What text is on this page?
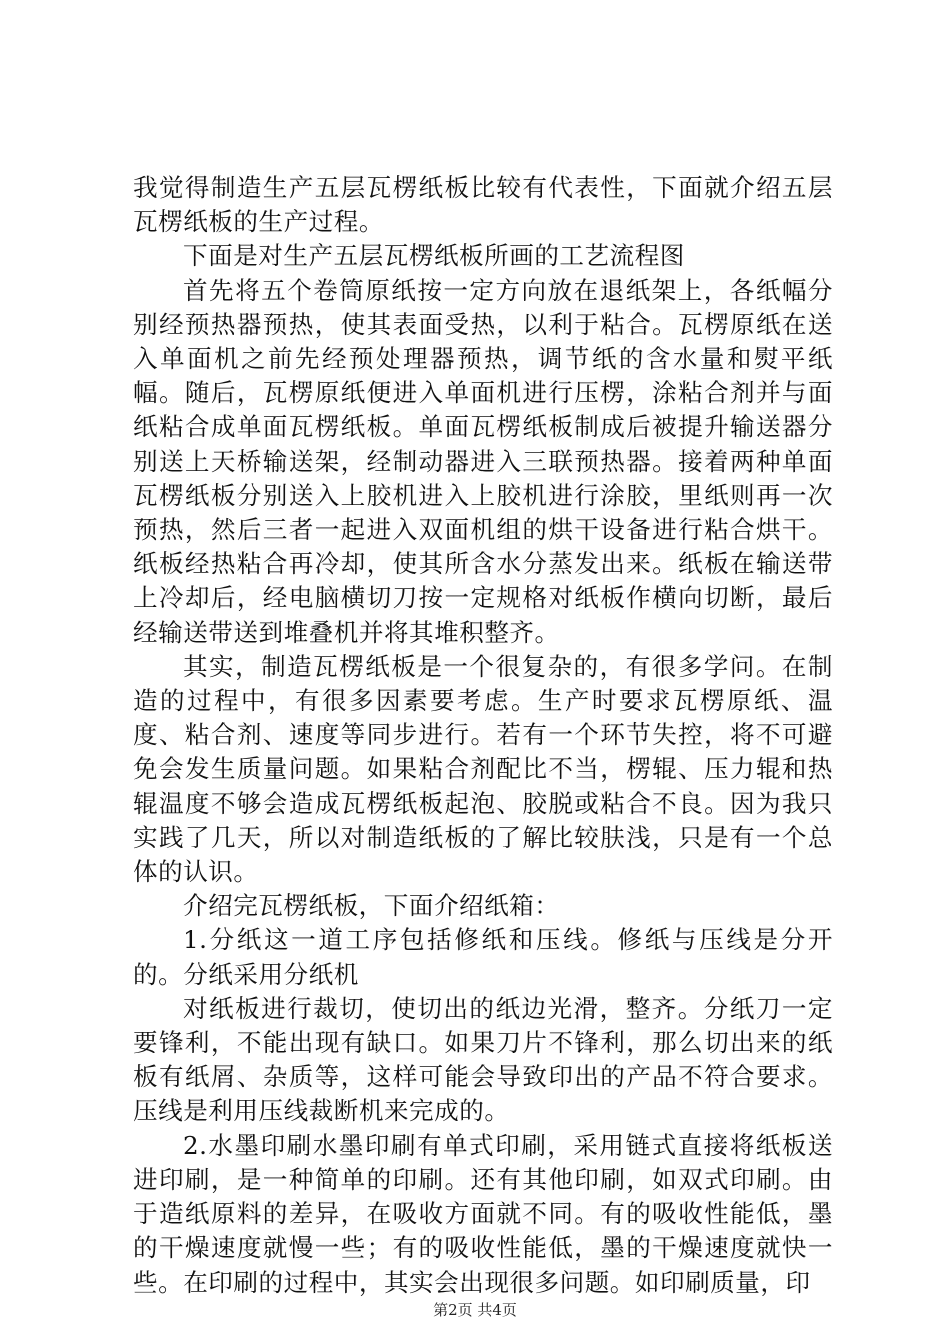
我觉得制造生产五层瓦楞纸板比较有代表性，下面就介绍五层瓦楞纸板的生产过程。

下面是对生产五层瓦楞纸板所画的工艺流程图

首先将五个卷筒原纸按一定方向放在退纸架上，各纸幅分别经预热器预热，使其表面受热，以利于粘合。瓦楞原纸在送入单面机之前先经预处理器预热，调节纸的含水量和熨平纸幅。随后，瓦楞原纸便进入单面机进行压楞，涂粘合剂并与面纸粘合成单面瓦楞纸板。单面瓦楞纸板制成后被提升输送器分别送上天桥输送架，经制动器进入三联预热器。接着两种单面瓦楞纸板分别送入上胶机进入上胶机进行涂胶，里纸则再一次预热，然后三者一起进入双面机组的烘干设备进行粘合烘干。纸板经热粘合再冷却，使其所含水分蒸发出来。纸板在输送带上冷却后，经电脑横切刀按一定规格对纸板作横向切断，最后经输送带送到堆叠机并将其堆积整齐。

其实，制造瓦楞纸板是一个很复杂的，有很多学问。在制造的过程中，有很多因素要考虑。生产时要求瓦楞原纸、温度、粘合剂、速度等同步进行。若有一个环节失控，将不可避免会发生质量问题。如果粘合剂配比不当，楞辊、压力辊和热辊温度不够会造成瓦楞纸板起泡、胶脱或粘合不良。因为我只实践了几天，所以对制造纸板的了解比较肤浅，只是有一个总体的认识。

介绍完瓦楞纸板，下面介绍纸箱：

1.分纸这一道工序包括修纸和压线。修纸与压线是分开的。分纸采用分纸机

对纸板进行裁切，使切出的纸边光滑，整齐。分纸刀一定要锋利，不能出现有缺口。如果刀片不锋利，那么切出来的纸板有纸屑、杂质等，这样可能会导致印出的产品不符合要求。压线是利用压线裁断机来完成的。

2.水墨印刷水墨印刷有单式印刷，采用链式直接将纸板送进印刷，是一种简单的印刷。还有其他印刷，如双式印刷。由于造纸原料的差异，在吸收方面就不同。有的吸收性能低，墨的干燥速度就慢一些；有的吸收性能低，墨的干燥速度就快一些。在印刷的过程中，其实会出现很多问题。如印刷质量，印

第2页 共4页
